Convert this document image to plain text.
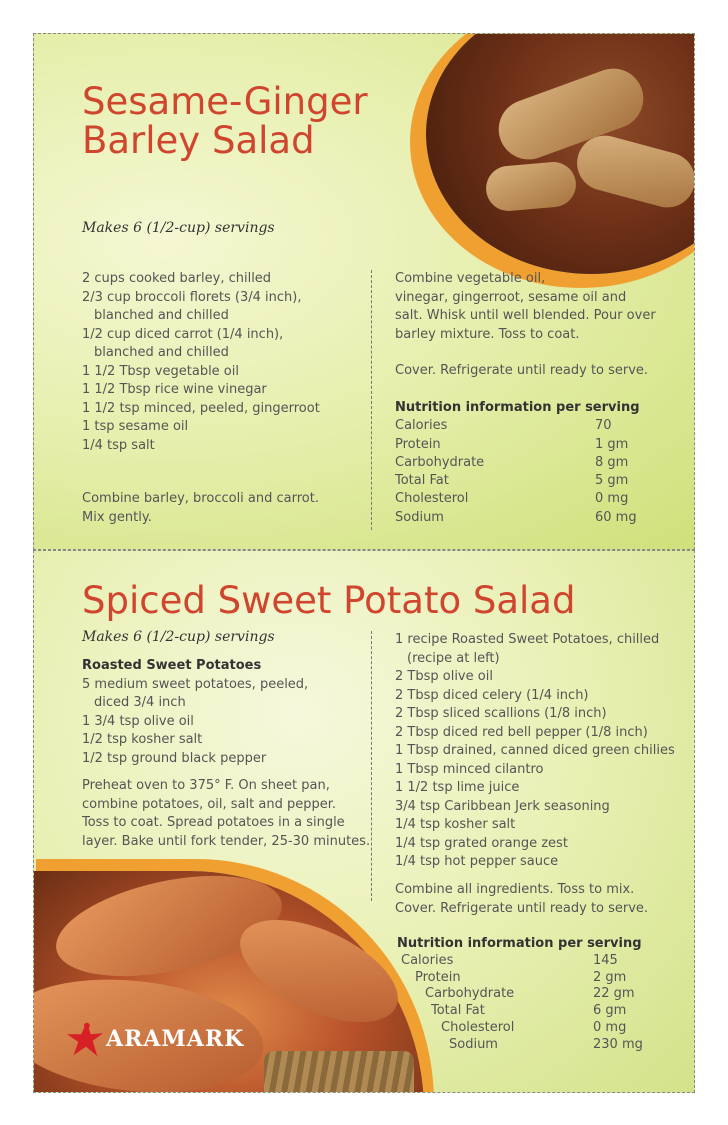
Sesame-Ginger Barley Salad
Makes 6 (1/2-cup) servings
2 cups cooked barley, chilled
2/3 cup broccoli florets (3/4 inch),
blanched and chilled
1/2 cup diced carrot (1/4 inch),
blanched and chilled
1 1/2 Tbsp vegetable oil
1 1/2 Tbsp rice wine vinegar
1 1/2 tsp minced, peeled, gingerroot
1 tsp sesame oil
1/4 tsp salt
Combine barley, broccoli and carrot.
Mix gently.
Combine vegetable oil,
vinegar, gingerroot, sesame oil and
salt. Whisk until well blended. Pour over
barley mixture. Toss to coat.
Cover. Refrigerate until ready to serve.
Nutrition information per serving
Calories	70
Protein	1 gm
Carbohydrate	8 gm
Total Fat	5 gm
Cholesterol	0 mg
Sodium	60 mg
Spiced Sweet Potato Salad
Makes 6 (1/2-cup) servings
Roasted Sweet Potatoes
5 medium sweet potatoes, peeled,
diced 3/4 inch
1 3/4 tsp olive oil
1/2 tsp kosher salt
1/2 tsp ground black pepper
Preheat oven to 375° F. On sheet pan,
combine potatoes, oil, salt and pepper.
Toss to coat. Spread potatoes in a single
layer. Bake until fork tender, 25-30 minutes.
1 recipe Roasted Sweet Potatoes, chilled
(recipe at left)
2 Tbsp olive oil
2 Tbsp diced celery (1/4 inch)
2 Tbsp sliced scallions (1/8 inch)
2 Tbsp diced red bell pepper (1/8 inch)
1 Tbsp drained, canned diced green chilies
1 Tbsp minced cilantro
1 1/2 tsp lime juice
3/4 tsp Caribbean Jerk seasoning
1/4 tsp kosher salt
1/4 tsp grated orange zest
1/4 tsp hot pepper sauce
Combine all ingredients. Toss to mix.
Cover. Refrigerate until ready to serve.
Nutrition information per serving
Calories	145
Protein	2 gm
Carbohydrate	22 gm
Total Fat	6 gm
Cholesterol	0 mg
Sodium	230 mg
ARAMARK
